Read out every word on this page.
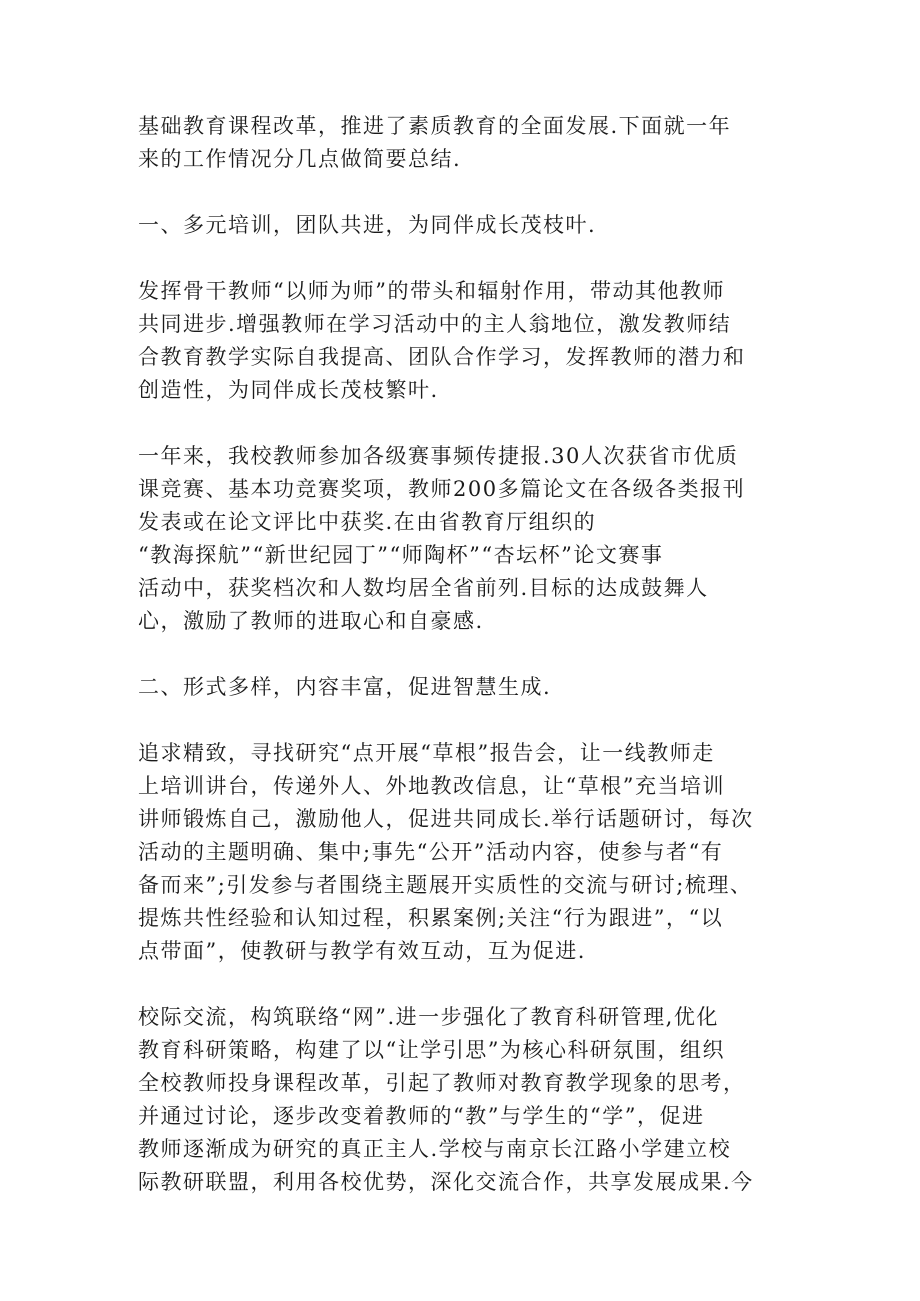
基础教育课程改革，推进了素质教育的全面发展.下面就一年
来的工作情况分几点做简要总结.

一、多元培训，团队共进，为同伴成长茂枝叶.

发挥骨干教师“以师为师”的带头和辐射作用，带动其他教师
共同进步.增强教师在学习活动中的主人翁地位，激发教师结
合教育教学实际自我提高、团队合作学习，发挥教师的潜力和
创造性，为同伴成长茂枝繁叶.

一年来，我校教师参加各级赛事频传捷报.30人次获省市优质
课竞赛、基本功竞赛奖项，教师200多篇论文在各级各类报刊
发表或在论文评比中获奖.在由省教育厅组织的
“教海探航”“新世纪园丁”“师陶杯”“杏坛杯”论文赛事
活动中，获奖档次和人数均居全省前列.目标的达成鼓舞人
心，激励了教师的进取心和自豪感.

二、形式多样，内容丰富，促进智慧生成.

追求精致，寻找研究“点开展“草根”报告会，让一线教师走
上培训讲台，传递外人、外地教改信息，让“草根”充当培训
讲师锻炼自己，激励他人，促进共同成长.举行话题研讨，每次
活动的主题明确、集中;事先“公开”活动内容，使参与者“有
备而来”;引发参与者围绕主题展开实质性的交流与研讨;梳理、
提炼共性经验和认知过程，积累案例;关注“行为跟进”，“以
点带面”，使教研与教学有效互动，互为促进.

校际交流，构筑联络“网”.进一步强化了教育科研管理,优化
教育科研策略，构建了以“让学引思”为核心科研氛围，组织
全校教师投身课程改革，引起了教师对教育教学现象的思考，
并通过讨论，逐步改变着教师的“教”与学生的“学”，促进
教师逐渐成为研究的真正主人.学校与南京长江路小学建立校
际教研联盟，利用各校优势，深化交流合作，共享发展成果.今
